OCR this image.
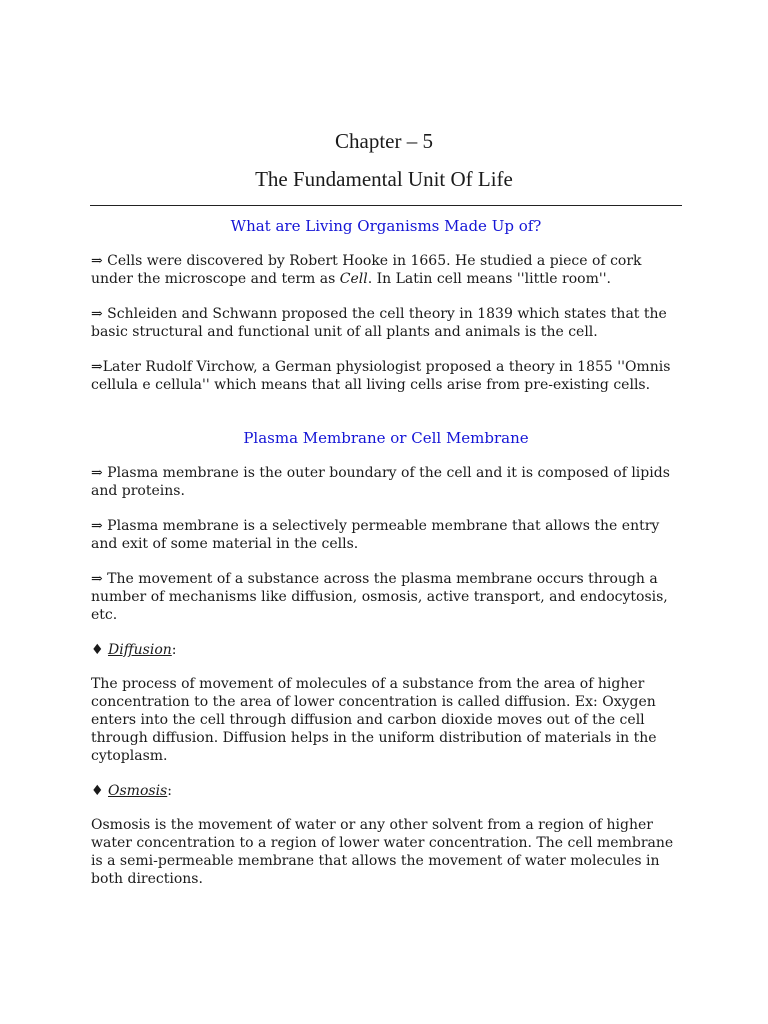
Chapter – 5
The Fundamental Unit Of Life
What are Living Organisms Made Up of?

⇒ Cells were discovered by Robert Hooke in 1665. He studied a piece of cork under the microscope and term as Cell. In Latin cell means ''little room''.

⇒ Schleiden and Schwann proposed the cell theory in 1839 which states that the basic structural and functional unit of all plants and animals is the cell.

⇒Later Rudolf Virchow, a German physiologist proposed a theory in 1855 ''Omnis cellula e cellula'' which means that all living cells arise from pre-existing cells.

Plasma Membrane or Cell Membrane

⇒ Plasma membrane is the outer boundary of the cell and it is composed of lipids and proteins.

⇒ Plasma membrane is a selectively permeable membrane that allows the entry and exit of some material in the cells.

⇒ The movement of a substance across the plasma membrane occurs through a number of mechanisms like diffusion, osmosis, active transport, and endocytosis, etc.

♦ Diffusion:

The process of movement of molecules of a substance from the area of higher concentration to the area of lower concentration is called diffusion. Ex: Oxygen enters into the cell through diffusion and carbon dioxide moves out of the cell through diffusion. Diffusion helps in the uniform distribution of materials in the cytoplasm.

♦ Osmosis:

Osmosis is the movement of water or any other solvent from a region of higher water concentration to a region of lower water concentration. The cell membrane is a semi-permeable membrane that allows the movement of water molecules in both directions.
